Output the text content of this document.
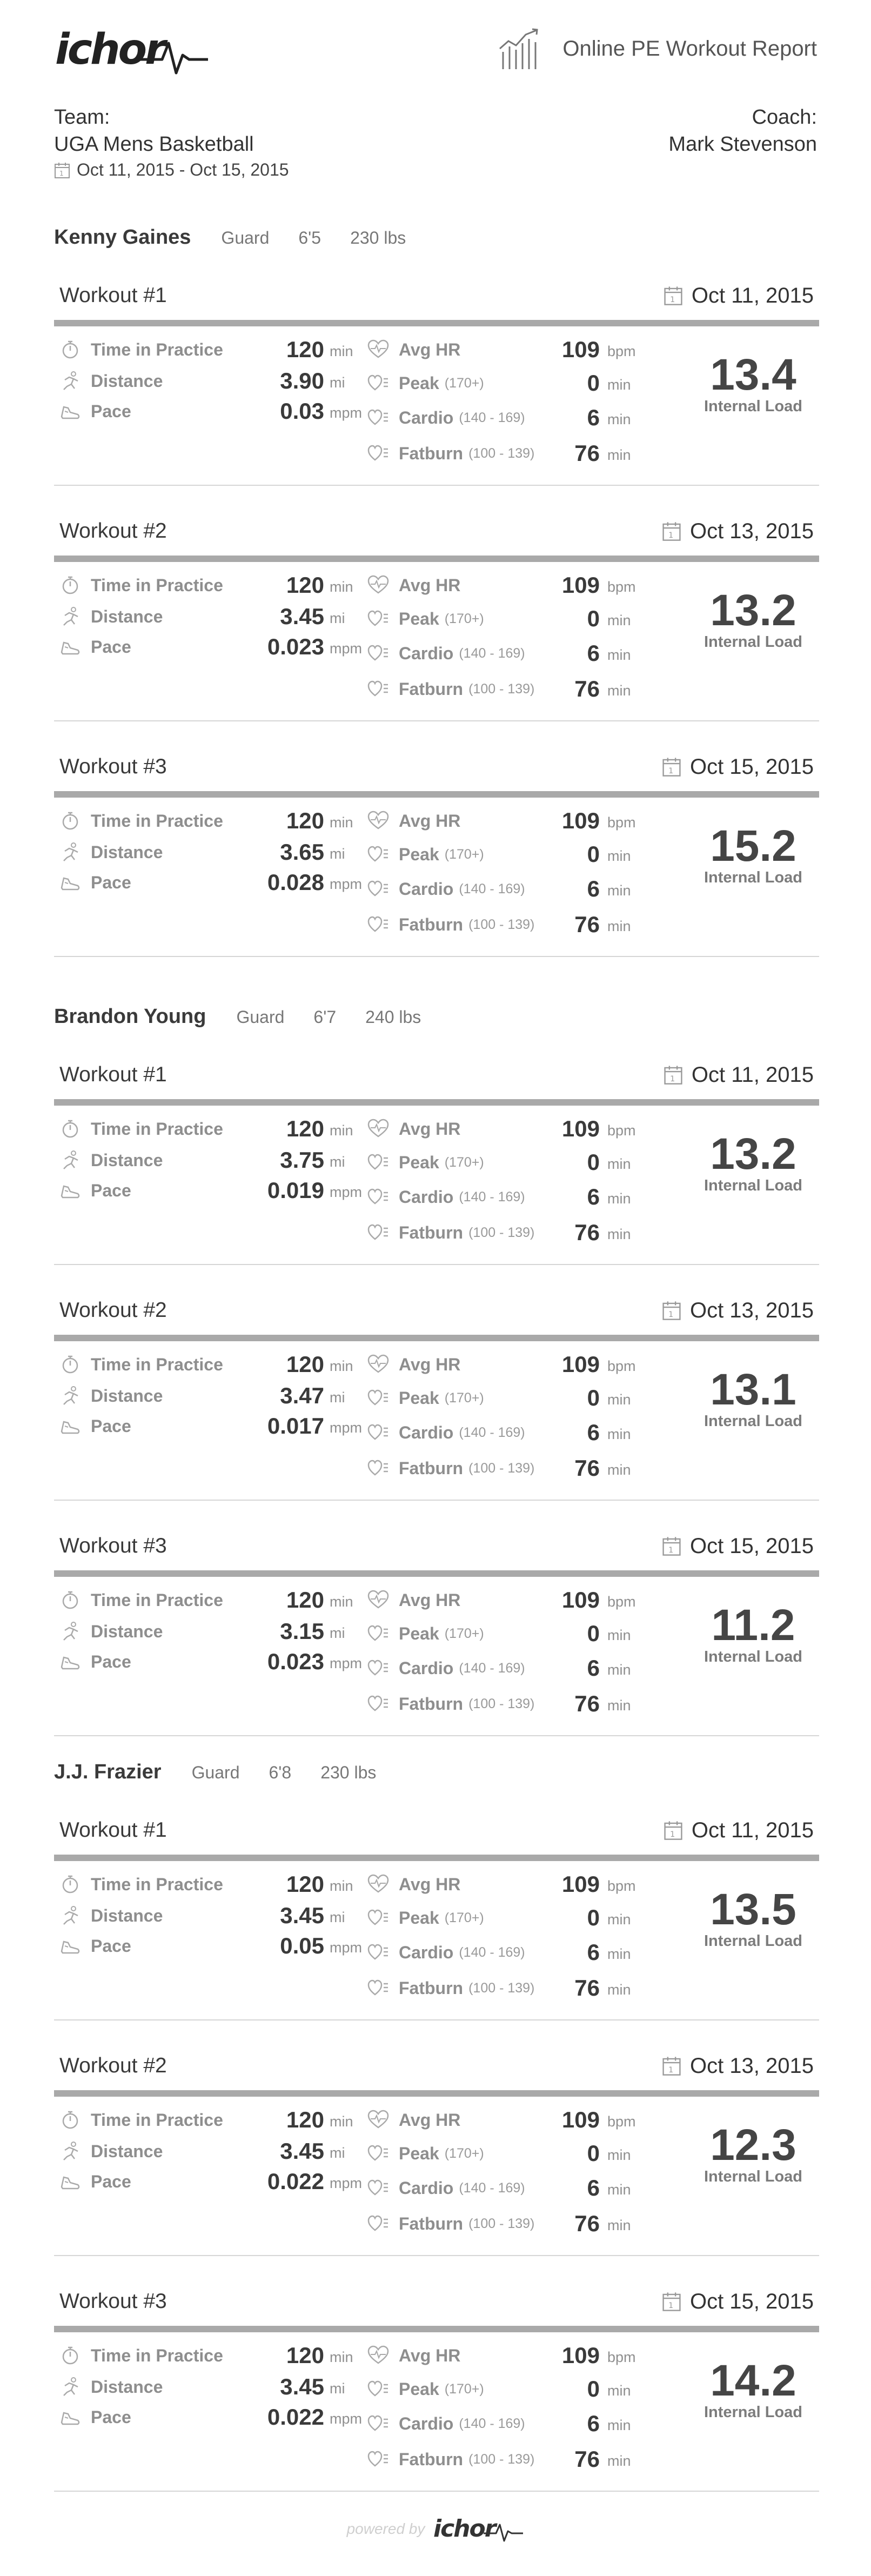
ichor	Online PE Workout Report
Team:
UGA Mens Basketball
1 Oct 11, 2015 - Oct 15, 2015
Coach:
Mark Stevenson
Kenny Gaines Guard 6'5 230 lbs
Workout #1	1 Oct 11, 2015
Time in Practice	120 min
Distance	3.90 mi
Pace	0.03 mpm
Avg HR	109 bpm
Peak (170+)	0 min
Cardio (140 - 169)	6 min
Fatburn (100 - 139)	76 min
13.4
Internal Load
Workout #2	1 Oct 13, 2015
Time in Practice	120 min
Distance	3.45 mi
Pace	0.023 mpm
Avg HR	109 bpm
Peak (170+)	0 min
Cardio (140 - 169)	6 min
Fatburn (100 - 139)	76 min
13.2
Internal Load
Workout #3	1 Oct 15, 2015
Time in Practice	120 min
Distance	3.65 mi
Pace	0.028 mpm
Avg HR	109 bpm
Peak (170+)	0 min
Cardio (140 - 169)	6 min
Fatburn (100 - 139)	76 min
15.2
Internal Load
Brandon Young Guard 6'7 240 lbs
Workout #1	1 Oct 11, 2015
Time in Practice	120 min
Distance	3.75 mi
Pace	0.019 mpm
Avg HR	109 bpm
Peak (170+)	0 min
Cardio (140 - 169)	6 min
Fatburn (100 - 139)	76 min
13.2
Internal Load
Workout #2	1 Oct 13, 2015
Time in Practice	120 min
Distance	3.47 mi
Pace	0.017 mpm
Avg HR	109 bpm
Peak (170+)	0 min
Cardio (140 - 169)	6 min
Fatburn (100 - 139)	76 min
13.1
Internal Load
Workout #3	1 Oct 15, 2015
Time in Practice	120 min
Distance	3.15 mi
Pace	0.023 mpm
Avg HR	109 bpm
Peak (170+)	0 min
Cardio (140 - 169)	6 min
Fatburn (100 - 139)	76 min
11.2
Internal Load
J.J. Frazier Guard 6'8 230 lbs
Workout #1	1 Oct 11, 2015
Time in Practice	120 min
Distance	3.45 mi
Pace	0.05 mpm
Avg HR	109 bpm
Peak (170+)	0 min
Cardio (140 - 169)	6 min
Fatburn (100 - 139)	76 min
13.5
Internal Load
Workout #2	1 Oct 13, 2015
Time in Practice	120 min
Distance	3.45 mi
Pace	0.022 mpm
Avg HR	109 bpm
Peak (170+)	0 min
Cardio (140 - 169)	6 min
Fatburn (100 - 139)	76 min
12.3
Internal Load
Workout #3	1 Oct 15, 2015
Time in Practice	120 min
Distance	3.45 mi
Pace	0.022 mpm
Avg HR	109 bpm
Peak (170+)	0 min
Cardio (140 - 169)	6 min
Fatburn (100 - 139)	76 min
14.2
Internal Load
powered by ichor
